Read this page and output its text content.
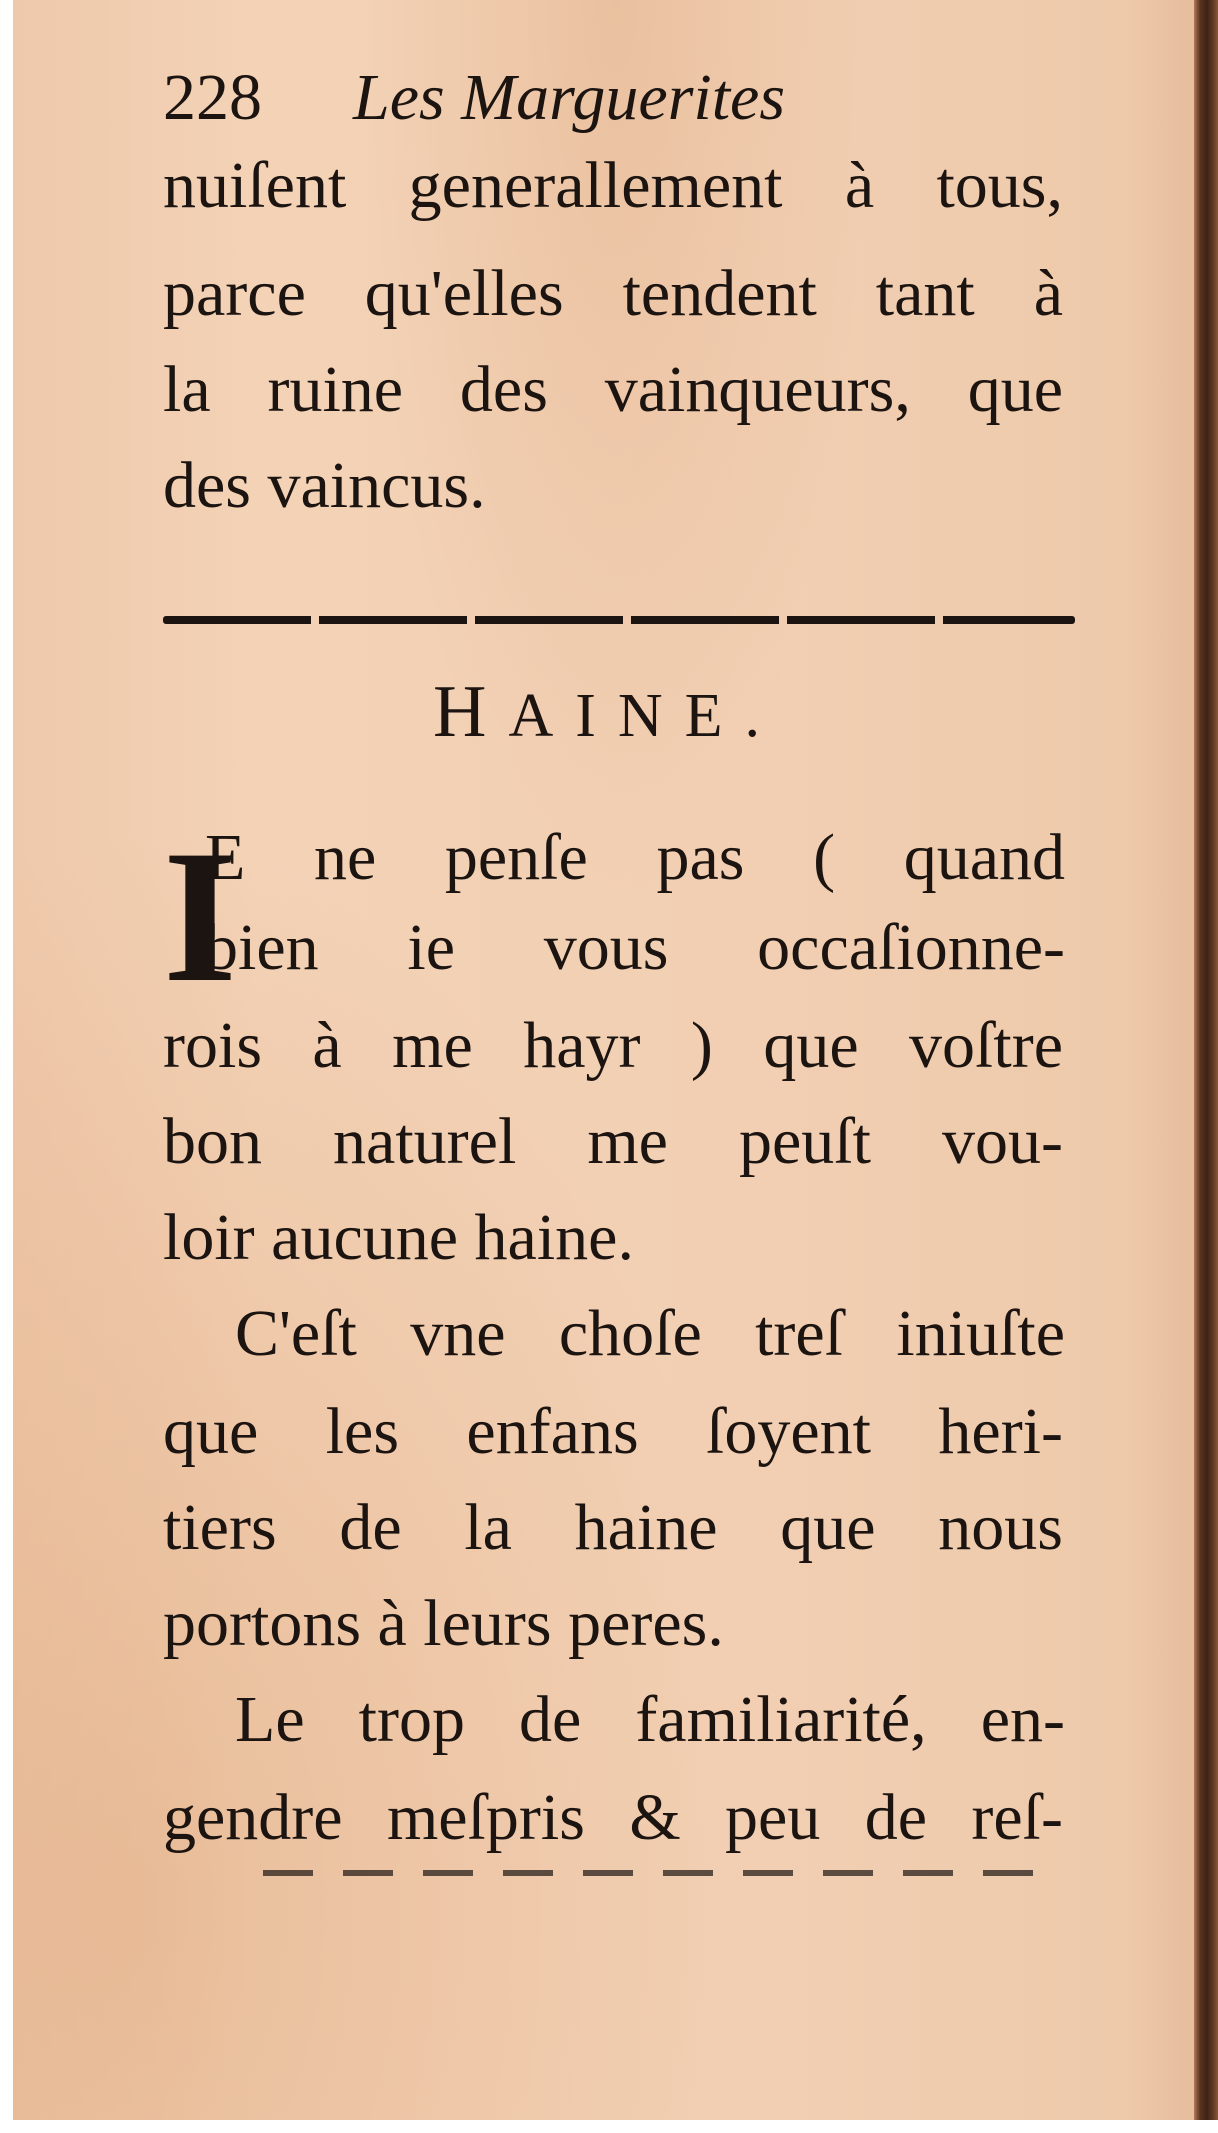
228 Les Marguerites
nuiſent generallement à tous,
parce qu'elles tendent tant à
la ruine des vainqueurs, que
des vaincus.
HAINE.
I
E ne penſe pas ( quand
bien ie vous occaſionne-
rois à me hayr ) que voſtre
bon naturel me peuſt vou-
loir aucune haine.
C'eſt vne choſe treſ iniuſte
que les enfans ſoyent heri-
tiers de la haine que nous
portons à leurs peres.
Le trop de familiarité, en-
gendre meſpris & peu de reſ-
